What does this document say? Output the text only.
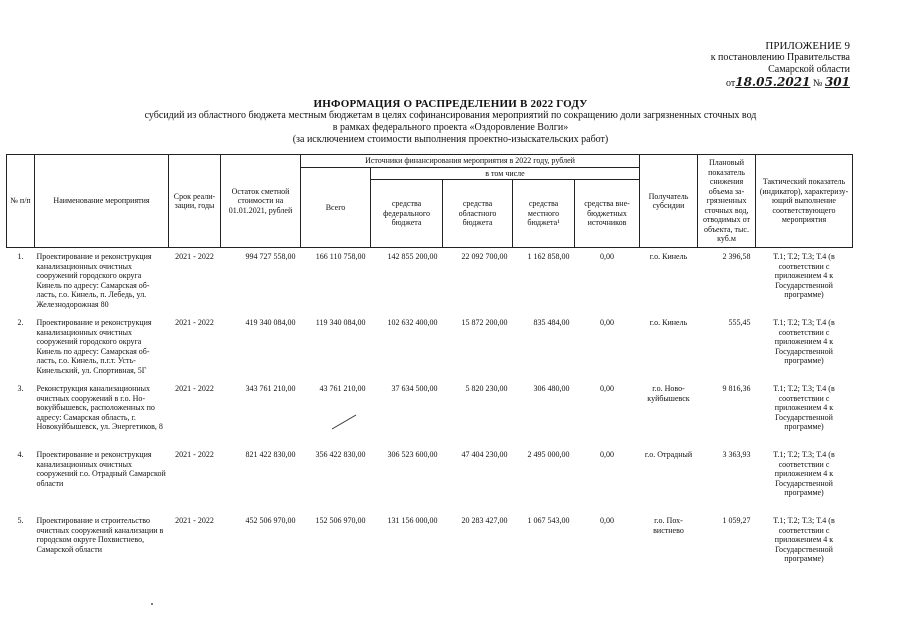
ПРИЛОЖЕНИЕ 9
к постановлению Правительства
Самарской области
от18.05.2021 № 301
ИНФОРМАЦИЯ О РАСПРЕДЕЛЕНИИ В 2022 ГОДУ
субсидий из областного бюджета местным бюджетам в целях софинансирования мероприятий по сокращению доли загрязненных сточных вод
в рамках федерального проекта «Оздоровление Волги»
(за исключением стоимости выполнения проектно-изыскательских работ)
№ п/п	Наименование мероприятия	Срок реализации, годы	Остаток сметной стоимости на 01.01.2021, рублей	Источники финансирования мероприятия в 2022 году, рублей					Получатель субсидии	Плановый показатель снижения объема загрязненных сточных вод, отводимых от объекта, тыс. куб.м	Тактический показатель (индикатор), характеризующий выполнение соответствующего мероприятия
				Всего	в том числе						
					средства федерального бюджета	средства областного бюджета	средства местного бюджета¹	средства внебюджетных источников			

1.	Проектирование и реконструкция канализационных очистных сооружений городского округа Кинель по адресу: Самарская область, г.о. Кинель, п. Лебедь, ул. Железнодорожная 80	2021 - 2022	994 727 558,00	166 110 758,00	142 855 200,00	22 092 700,00	1 162 858,00	0,00	г.о. Кинель	2 396,58	Т.1; Т.2; Т.3; Т.4 (в соответствии с приложением 4 к Государственной программе)
2.	Проектирование и реконструкция канализационных очистных сооружений городского округа Кинель по адресу: Самарская область, г.о. Кинель, п.г.т. Усть-Кинельский, ул. Спортивная, 5Г	2021 - 2022	419 340 084,00	119 340 084,00	102 632 400,00	15 872 200,00	835 484,00	0,00	г.о. Кинель	555,45	Т.1; Т.2; Т.3; Т.4 (в соответствии с приложением 4 к Государственной программе)
3.	Реконструкция канализационных очистных сооружений в г.о. Новокуйбышевск, расположенных по адресу: Самарская область, г. Новокуйбышевск, ул. Энергетиков, 8	2021 - 2022	343 761 210,00	43 761 210,00	37 634 500,00	5 820 230,00	306 480,00	0,00	г.о. Новокуйбышевск	9 816,36	Т.1; Т.2; Т.3; Т.4 (в соответствии с приложением 4 к Государственной программе)
4.	Проектирование и реконструкция канализационных очистных сооружений г.о. Отрадный Самарской области	2021 - 2022	821 422 830,00	356 422 830,00	306 523 600,00	47 404 230,00	2 495 000,00	0,00	г.о. Отрадный	3 363,93	Т.1; Т.2; Т.3; Т.4 (в соответствии с приложением 4 к Государственной программе)
5.	Проектирование и строительство очистных сооружений канализации в городском округе Похвистнево, Самарской области	2021 - 2022	452 506 970,00	152 506 970,00	131 156 000,00	20 283 427,00	1 067 543,00	0,00	г.о. Похвистнево	1 059,27	Т.1; Т.2; Т.3; Т.4 (в соответствии с приложением 4 к Государственной программе)
